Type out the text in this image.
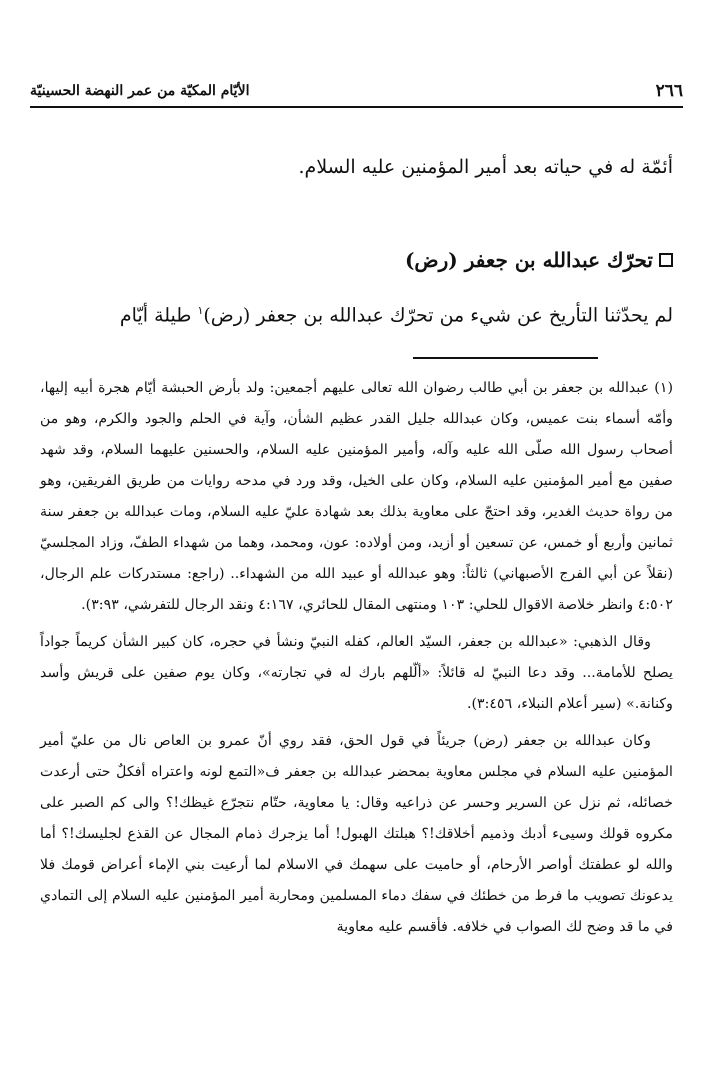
الأيّام المكيّة من عمر النهضة الحسينيّة	٢٦٦
أئمّة له في حياته بعد أمير المؤمنين عليه السلام.
تحرّك عبدالله بن جعفر (رض)
لم يحدّثنا التأريخ عن شيء من تحرّك عبدالله بن جعفر (رض)$^١$ طيلة أيّام

(١) عبدالله بن جعفر بن أبي طالب رضوان الله تعالى عليهم أجمعين: ولد بأرض الحبشة أيّام هجرة أبيه إليها، وأمّه أسماء بنت عميس، وكان عبدالله جليل القدر عظيم الشأن، وآية في الحلم والجود والكرم، وهو من أصحاب رسول الله صلّى الله عليه وآله، وأمير المؤمنين عليه السلام، والحسنين عليهما السلام، وقد شهد صفين مع أمير المؤمنين عليه السلام، وكان على الخيل، وقد ورد في مدحه روايات من طريق الفريقين، وهو من رواة حديث الغدير، وقد احتجّ على معاوية بذلك بعد شهادة عليّ عليه السلام، ومات عبدالله بن جعفر سنة ثمانين وأربع أو خمس، عن تسعين أو أزيد، ومن أولاده: عون، ومحمد، وهما من شهداء الطفّ، وزاد المجلسيّ (نقلاً عن أبي الفرج الأصبهاني) ثالثاً: وهو عبدالله أو عبيد الله من الشهداء.. (راجع: مستدركات علم الرجال، ٤:٥٠٢ وانظر خلاصة الاقوال للحلي: ١٠٣ ومنتهى المقال للحائري، ٤:١٦٧ ونقد الرجال للتفرشي، ٣:٩٣).

وقال الذهبي: «عبدالله بن جعفر، السيّد العالم، كفله النبيّ ونشأ في حجره، كان كبير الشأن كريماً جواداً يصلح للأمامة... وقد دعا النبيّ له قائلاً: «ألّلهم بارك له في تجارته»، وكان يوم صفين على قريش وأسد وكنانة.» (سير أعلام النبلاء، ٣:٤٥٦).

وكان عبدالله بن جعفر (رض) جريئاً في قول الحق، فقد روي أنّ عمرو بن العاص نال من عليّ أمير المؤمنين عليه السلام في مجلس معاوية بمحضر عبدالله بن جعفر ف«التمع لونه واعتراه أفكلٌ حتى أرعدت خصائله، ثم نزل عن السرير وحسر عن ذراعيه وقال: يا معاوية، حتّام نتجرّع غيظك!؟ والى كم الصبر على مكروه قولك وسيىء أدبك وذميم أخلاقك!؟ هبلتك الهبول! أما يزجرك ذمام المجال عن القذع لجليسك!؟ أما والله لو عطفتك أواصر الأرحام، أو حاميت على سهمك في الاسلام لما أرعيت بني الإماء أعراض قومك فلا يدعونك تصويب ما فرط من خطئك في سفك دماء المسلمين ومحاربة أمير المؤمنين عليه السلام إلى التمادي في ما قد وضح لك الصواب في خلافه. فأقسم عليه معاوية
